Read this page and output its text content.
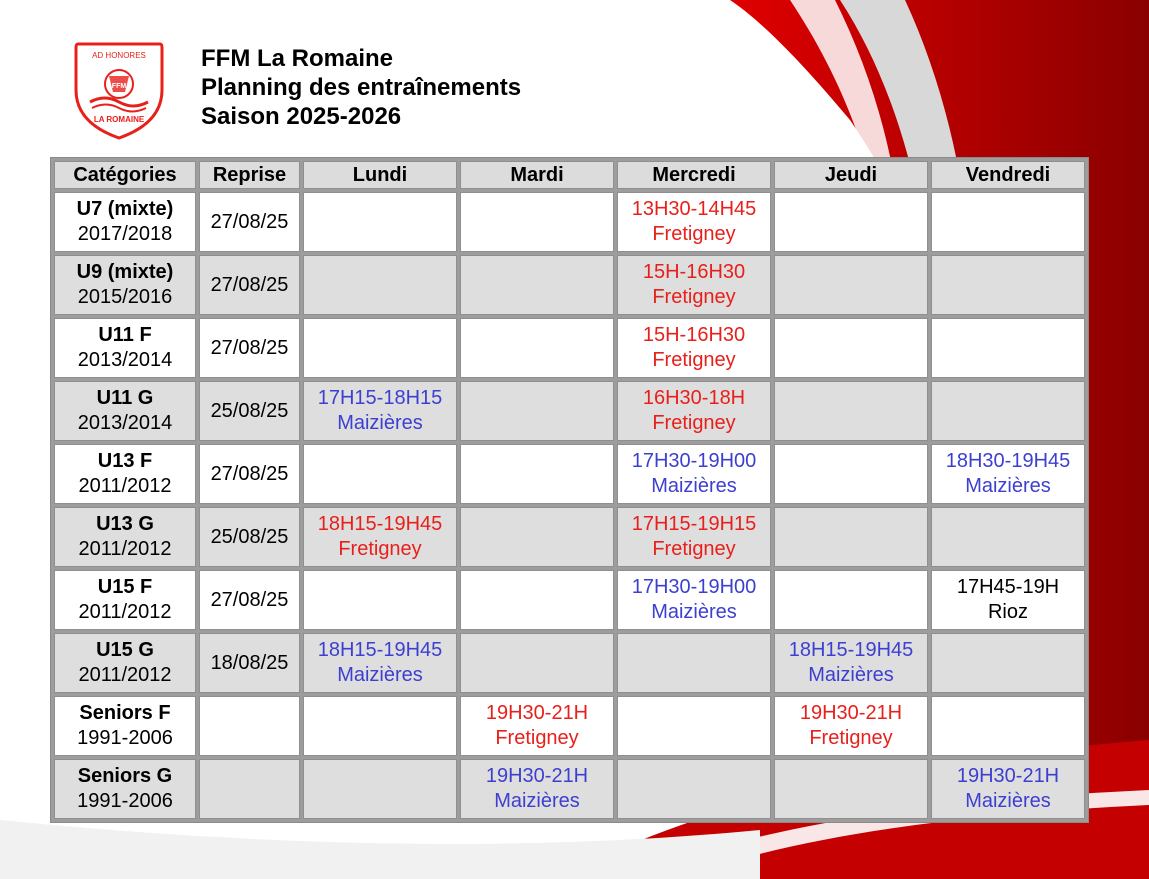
AD HONORES
FFM
LA ROMAINE
FFM La Romaine
Planning des entraînements
Saison 2025-2026
Catégories	Reprise	Lundi	Mardi	Mercredi	Jeudi	Vendredi

U7 (mixte)
2017/2018	27/08/25			13H30-14H45
Fretigney		

U9 (mixte)
2015/2016	27/08/25			15H-16H30
Fretigney		

U11 F
2013/2014	27/08/25			15H-16H30
Fretigney		

U11 G
2013/2014	25/08/25	17H15-18H15
Maizières		16H30-18H
Fretigney		

U13 F
2011/2012	27/08/25			17H30-19H00
Maizières		18H30-19H45
Maizières

U13 G
2011/2012	25/08/25	18H15-19H45
Fretigney		17H15-19H15
Fretigney		

U15 F
2011/2012	27/08/25			17H30-19H00
Maizières		17H45-19H
Rioz

U15 G
2011/2012	18/08/25	18H15-19H45
Maizières			18H15-19H45
Maizières	

Seniors F
1991-2006			19H30-21H
Fretigney		19H30-21H
Fretigney	

Seniors G
1991-2006			19H30-21H
Maizières			19H30-21H
Maizières
